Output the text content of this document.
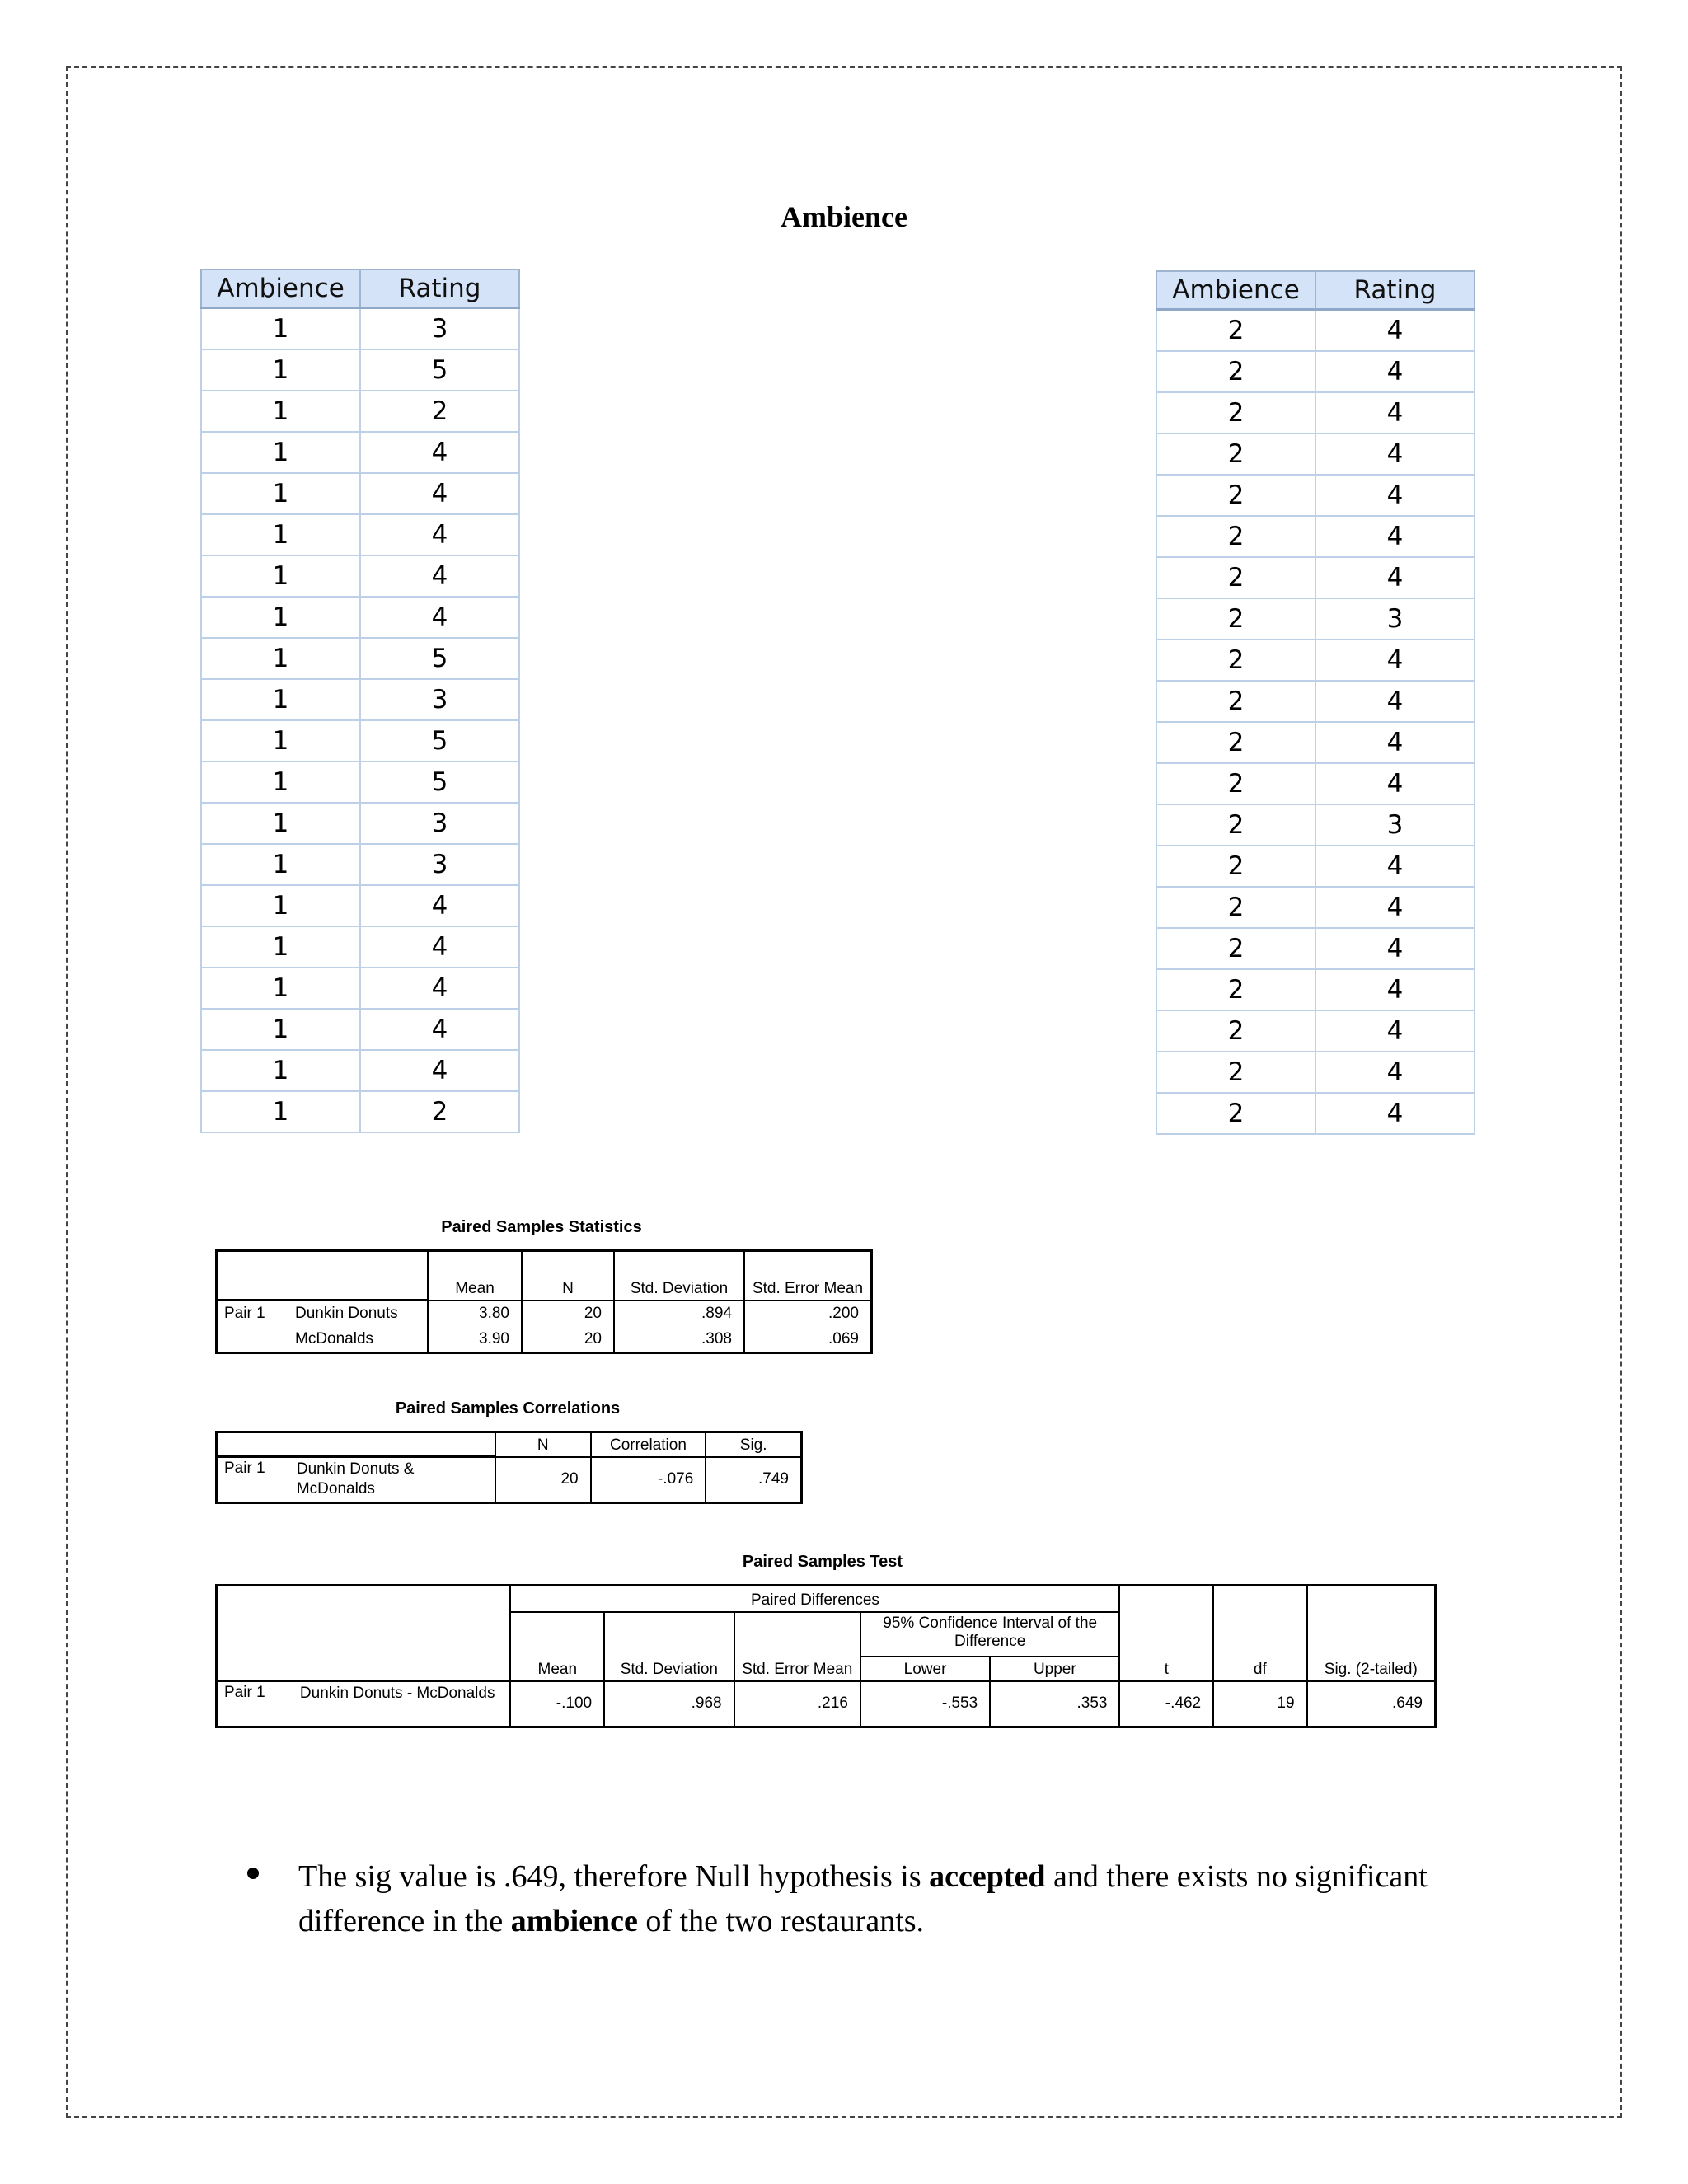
Ambience
Ambience	Rating
1	3
1	5
1	2
1	4
1	4
1	4
1	4
1	4
1	5
1	3
1	5
1	5
1	3
1	3
1	4
1	4
1	4
1	4
1	4
1	2
Ambience	Rating
2	4
2	4
2	4
2	4
2	4
2	4
2	4
2	3
2	4
2	4
2	4
2	4
2	3
2	4
2	4
2	4
2	4
2	4
2	4
2	4
Paired Samples Statistics
		Mean	N	Std. Deviation	Std. Error Mean
Pair 1	Dunkin Donuts	3.80	20	.894	.200
	McDonalds	3.90	20	.308	.069
Paired Samples Correlations
		N	Correlation	Sig.
Pair 1	Dunkin Donuts & McDonalds	20	-.076	.749
Paired Samples Test
		Paired Differences					t	df	Sig. (2-tailed)
		Mean	Std. Deviation	Std. Error Mean	95% Confidence Interval of the Difference				
					Lower	Upper			
Pair 1	Dunkin Donuts - McDonalds	-.100	.968	.216	-.553	.353	-.462	19	.649
The sig value is .649, therefore Null hypothesis is accepted and there exists no significant difference in the ambience of the two restaurants.
